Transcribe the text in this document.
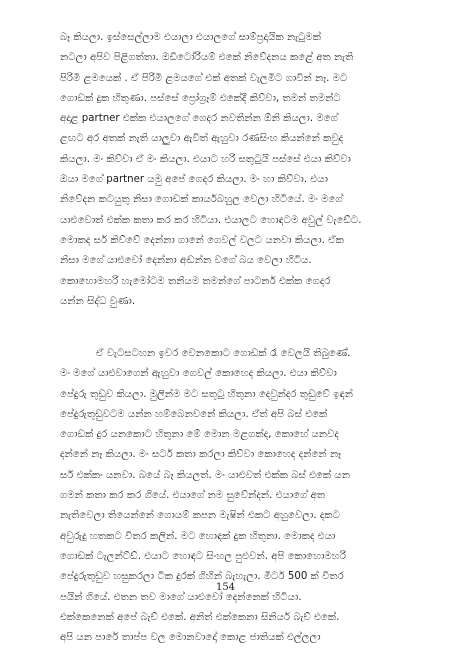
බෑ කියලා. ඉස්සෙල්ලාම එයාලා එයාලගේ සාම්ප්‍රදායික නැටුමක්
නටලා අපිව පිළිගත්තා. ඔඩිටෝරියම් එකේ නිවේදනය කළේ අත නැති
පිරිමි ළමයෙක් . ඒ පිරිමි ළමයගේ එක් අතක් වැලමිට ගාවින් නෑ. මට
ගොඩක් දුක හිතුණා. පස්සේ ප්‍රෝග්‍රෑම් එකේදී කිව්වා, තමන් තමන්ට
අදාළ partner එක්ක එයාලගේ ගෙදර නවතින්න ඕනි කියලා. මගේ
ළඟට අර අතක් නැති යාලුවා ඇවිත් ඇහුවා රණසිංහ කියන්නේ කවුද
කියලා. මං කිව්වා ඒ මං කියලා. එයාට හරි සතුටුයි පස්සේ එයා කිව්වා
ඔයා මගේ partner යමු අපේ ගෙදර කියලා. මං හා කිව්වා. එයා
නිවේදන කටයුතු නිසා ගොඩක් කාර්යබහුල වෙලා හිටියේ. මං මගේ
යාළුවොත් එක්ක කතා කර කර හිටියා. එයාලට හොඳටම අවුල් වැඩේට.
මොකද සර් කිව්වේ දෙන්නා ගානේ ගෙවල් වලට යනවා කියලා. ඒක
නිසා මගේ යාළුවෝ දෙන්නා අඬන්න වගේ බය වෙලා හිටිය.
කොහොමහරි හැමෝටම තනියම තමන්ගේ පාටනර් එක්ක ගෙදර
යන්න සිද්ධ වුණා.
ඒ වැටසටහන ඉවර වෙනකොට ගොඩක් රෑ වෙලයි තිබුණේ.
මං මගේ යාළුවාගෙන් ඇහුවා ගෙවල් කොහෙද කියලා. එයා කිව්වා
පේදුරු තුඩුව කියලා. මුලින්ම මට සතුටු හිතුනා දෙවුන්දර තුඩුවේ ඉඳන්
පේදුරුතුඩුවටම යන්න හම්බෙනවනේ කියලා. ඒත් අපි බස් එකේ
ගොඩක් දුර යනකොට හිතුනා මේ මොන මළගක්ද, කොහේ යනවද
දන්නේ නෑ කියලා. මං සර්ට කතා කරලා කිව්වා කොහෙද දන්නේ නෑ
සර් එක්කං යනවා. බයේ බෑ කියලත්. මං යාළුවත් එක්ක බස් එකේ යන
ගමන් කතා කර කර ගියේ. එයාගේ නම සුවේන්දන්. එයාගේ අත
නැතිවෙලා තියෙන්නේ ගොයම් කපන මැෂින් එකට අහුවෙලා. දකට
අවුරුදු හතකට විතර කලින්. මට හොඳක් දුක හිතුනා. මොකද එයා
ගොඩක් ටැලන්ට්ඩ්. එයාට හොඳට සිංහල පුළුවන්. අපි කොහොමහරි
පේදුරුතුඩුව හසුකරලා ටික දුරක් ගිහින් බැහැලා. මීටර් 500 ක් විතර
පයින් ගියේ. එතන තව මාගේ යාළුවෝ දෙන්නෙක් හිටියා.
එක්කෙනෙක් අපේ බැච් එකේ. අනිත් එක්කෙනා සිනියර් බැච් එකේ.
අපි යන පාරේ තාප්ප වල මොනවාදෝ කොළ ජාතියක් එල්ලලා
154
